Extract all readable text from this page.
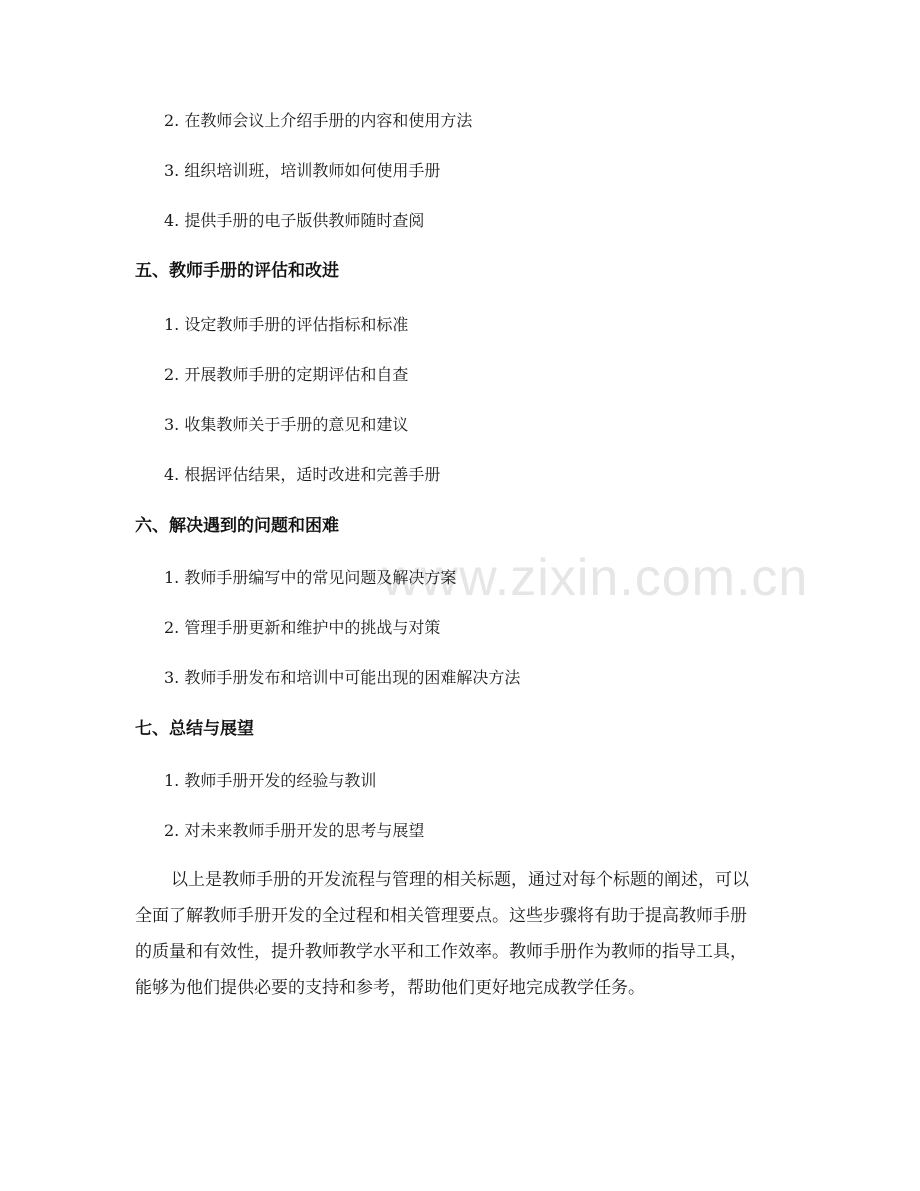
www.zixin.com.cn
2. 在教师会议上介绍手册的内容和使用方法
3. 组织培训班，培训教师如何使用手册
4. 提供手册的电子版供教师随时查阅
五、教师手册的评估和改进
1. 设定教师手册的评估指标和标准
2. 开展教师手册的定期评估和自查
3. 收集教师关于手册的意见和建议
4. 根据评估结果，适时改进和完善手册
六、解决遇到的问题和困难
1. 教师手册编写中的常见问题及解决方案
2. 管理手册更新和维护中的挑战与对策
3. 教师手册发布和培训中可能出现的困难解决方法
七、总结与展望
1. 教师手册开发的经验与教训
2. 对未来教师手册开发的思考与展望
以上是教师手册的开发流程与管理的相关标题，通过对每个标题的阐述，可以
全面了解教师手册开发的全过程和相关管理要点。这些步骤将有助于提高教师手册
的质量和有效性，提升教师教学水平和工作效率。教师手册作为教师的指导工具，
能够为他们提供必要的支持和参考，帮助他们更好地完成教学任务。
